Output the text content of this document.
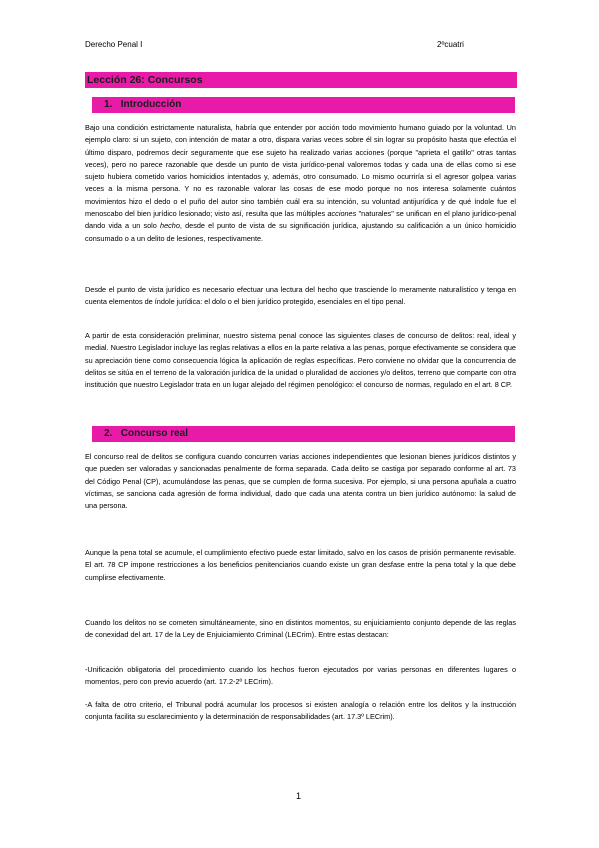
Derecho Penal I	2ºcuatri
Lección 26: Concursos
1. Introducción
Bajo una condición estrictamente naturalista, habría que entender por acción todo movimiento humano guiado por la voluntad. Un ejemplo claro: si un sujeto, con intención de matar a otro, dispara varias veces sobre él sin lograr su propósito hasta que efectúa el último disparo, podremos decir seguramente que ese sujeto ha realizado varias acciones (porque "aprieta el gatillo" otras tantas veces), pero no parece razonable que desde un punto de vista jurídico-penal valoremos todas y cada una de ellas como si ese sujeto hubiera cometido varios homicidios intentados y, además, otro consumado. Lo mismo ocurriría si el agresor golpea varias veces a la misma persona. Y no es razonable valorar las cosas de ese modo porque no nos interesa solamente cuántos movimientos hizo el dedo o el puño del autor sino también cuál era su intención, su voluntad antijurídica y de qué índole fue el menoscabo del bien jurídico lesionado; visto así, resulta que las múltiples acciones "naturales" se unifican en el plano jurídico-penal dando vida a un solo hecho, desde el punto de vista de su significación jurídica, ajustando su calificación a un único homicidio consumado o a un delito de lesiones, respectivamente.
Desde el punto de vista jurídico es necesario efectuar una lectura del hecho que trasciende lo meramente naturalístico y tenga en cuenta elementos de índole jurídica: el dolo o el bien jurídico protegido, esenciales en el tipo penal.
A partir de esta consideración preliminar, nuestro sistema penal conoce las siguientes clases de concurso de delitos: real, ideal y medial. Nuestro Legislador incluye las reglas relativas a ellos en la parte relativa a las penas, porque efectivamente se considera que su apreciación tiene como consecuencia lógica la aplicación de reglas específicas. Pero conviene no olvidar que la concurrencia de delitos se sitúa en el terreno de la valoración jurídica de la unidad o pluralidad de acciones y/o delitos, terreno que comparte con otra institución que nuestro Legislador trata en un lugar alejado del régimen penológico: el concurso de normas, regulado en el art. 8 CP.
2. Concurso real
El concurso real de delitos se configura cuando concurren varias acciones independientes que lesionan bienes jurídicos distintos y que pueden ser valoradas y sancionadas penalmente de forma separada. Cada delito se castiga por separado conforme al art. 73 del Código Penal (CP), acumulándose las penas, que se cumplen de forma sucesiva. Por ejemplo, si una persona apuñala a cuatro víctimas, se sanciona cada agresión de forma individual, dado que cada una atenta contra un bien jurídico autónomo: la salud de una persona.
Aunque la pena total se acumule, el cumplimiento efectivo puede estar limitado, salvo en los casos de prisión permanente revisable. El art. 78 CP impone restricciones a los beneficios penitenciarios cuando existe un gran desfase entre la pena total y la que debe cumplirse efectivamente.
Cuando los delitos no se cometen simultáneamente, sino en distintos momentos, su enjuiciamiento conjunto depende de las reglas de conexidad del art. 17 de la Ley de Enjuiciamiento Criminal (LECrim). Entre estas destacan:
-Unificación obligatoria del procedimiento cuando los hechos fueron ejecutados por varias personas en diferentes lugares o momentos, pero con previo acuerdo (art. 17.2-2º LECrim).
-A falta de otro criterio, el Tribunal podrá acumular los procesos si existen analogía o relación entre los delitos y la instrucción conjunta facilita su esclarecimiento y la determinación de responsabilidades (art. 17.3º LECrim).
1
